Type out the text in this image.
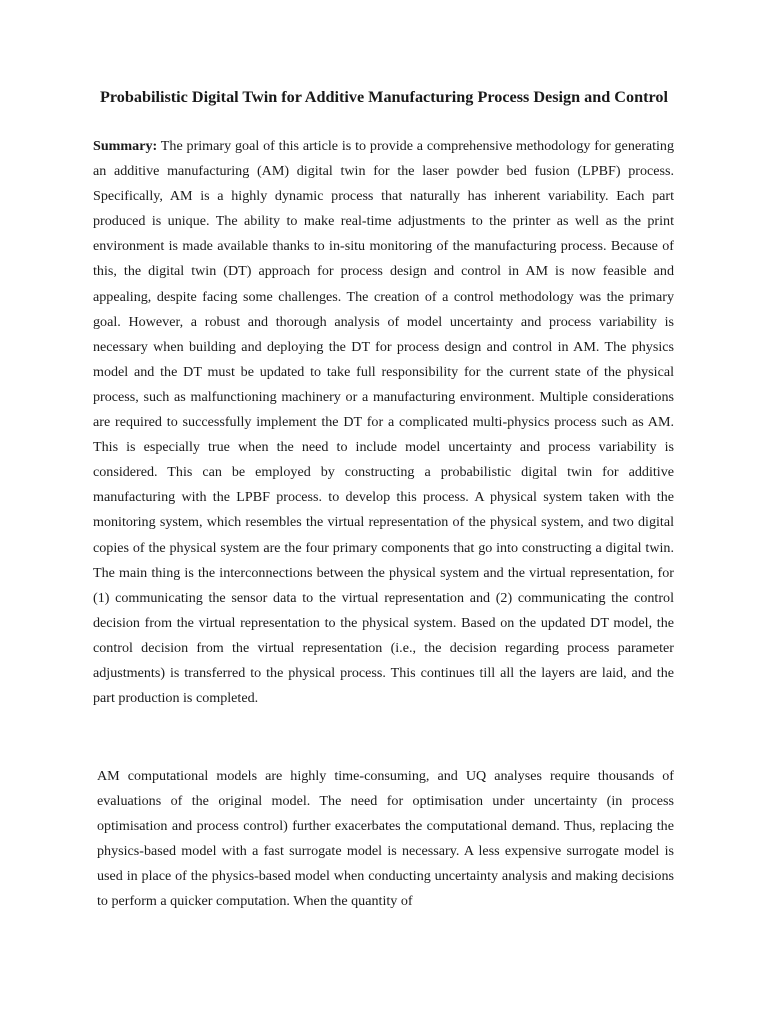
Probabilistic Digital Twin for Additive Manufacturing Process Design and Control

Summary: The primary goal of this article is to provide a comprehensive methodology for generating an additive manufacturing (AM) digital twin for the laser powder bed fusion (LPBF) process. Specifically, AM is a highly dynamic process that naturally has inherent variability. Each part produced is unique. The ability to make real-time adjustments to the printer as well as the print environment is made available thanks to in-situ monitoring of the manufacturing process. Because of this, the digital twin (DT) approach for process design and control in AM is now feasible and appealing, despite facing some challenges. The creation of a control methodology was the primary goal. However, a robust and thorough analysis of model uncertainty and process variability is necessary when building and deploying the DT for process design and control in AM. The physics model and the DT must be updated to take full responsibility for the current state of the physical process, such as malfunctioning machinery or a manufacturing environment. Multiple considerations are required to successfully implement the DT for a complicated multi-physics process such as AM. This is especially true when the need to include model uncertainty and process variability is considered. This can be employed by constructing a probabilistic digital twin for additive manufacturing with the LPBF process. to develop this process. A physical system taken with the monitoring system, which resembles the virtual representation of the physical system, and two digital copies of the physical system are the four primary components that go into constructing a digital twin. The main thing is the interconnections between the physical system and the virtual representation, for (1) communicating the sensor data to the virtual representation and (2) communicating the control decision from the virtual representation to the physical system. Based on the updated DT model, the control decision from the virtual representation (i.e., the decision regarding process parameter adjustments) is transferred to the physical process. This continues till all the layers are laid, and the part production is completed.

AM computational models are highly time-consuming, and UQ analyses require thousands of evaluations of the original model. The need for optimisation under uncertainty (in process optimisation and process control) further exacerbates the computational demand. Thus, replacing the physics-based model with a fast surrogate model is necessary. A less expensive surrogate model is used in place of the physics-based model when conducting uncertainty analysis and making decisions to perform a quicker computation. When the quantity of
